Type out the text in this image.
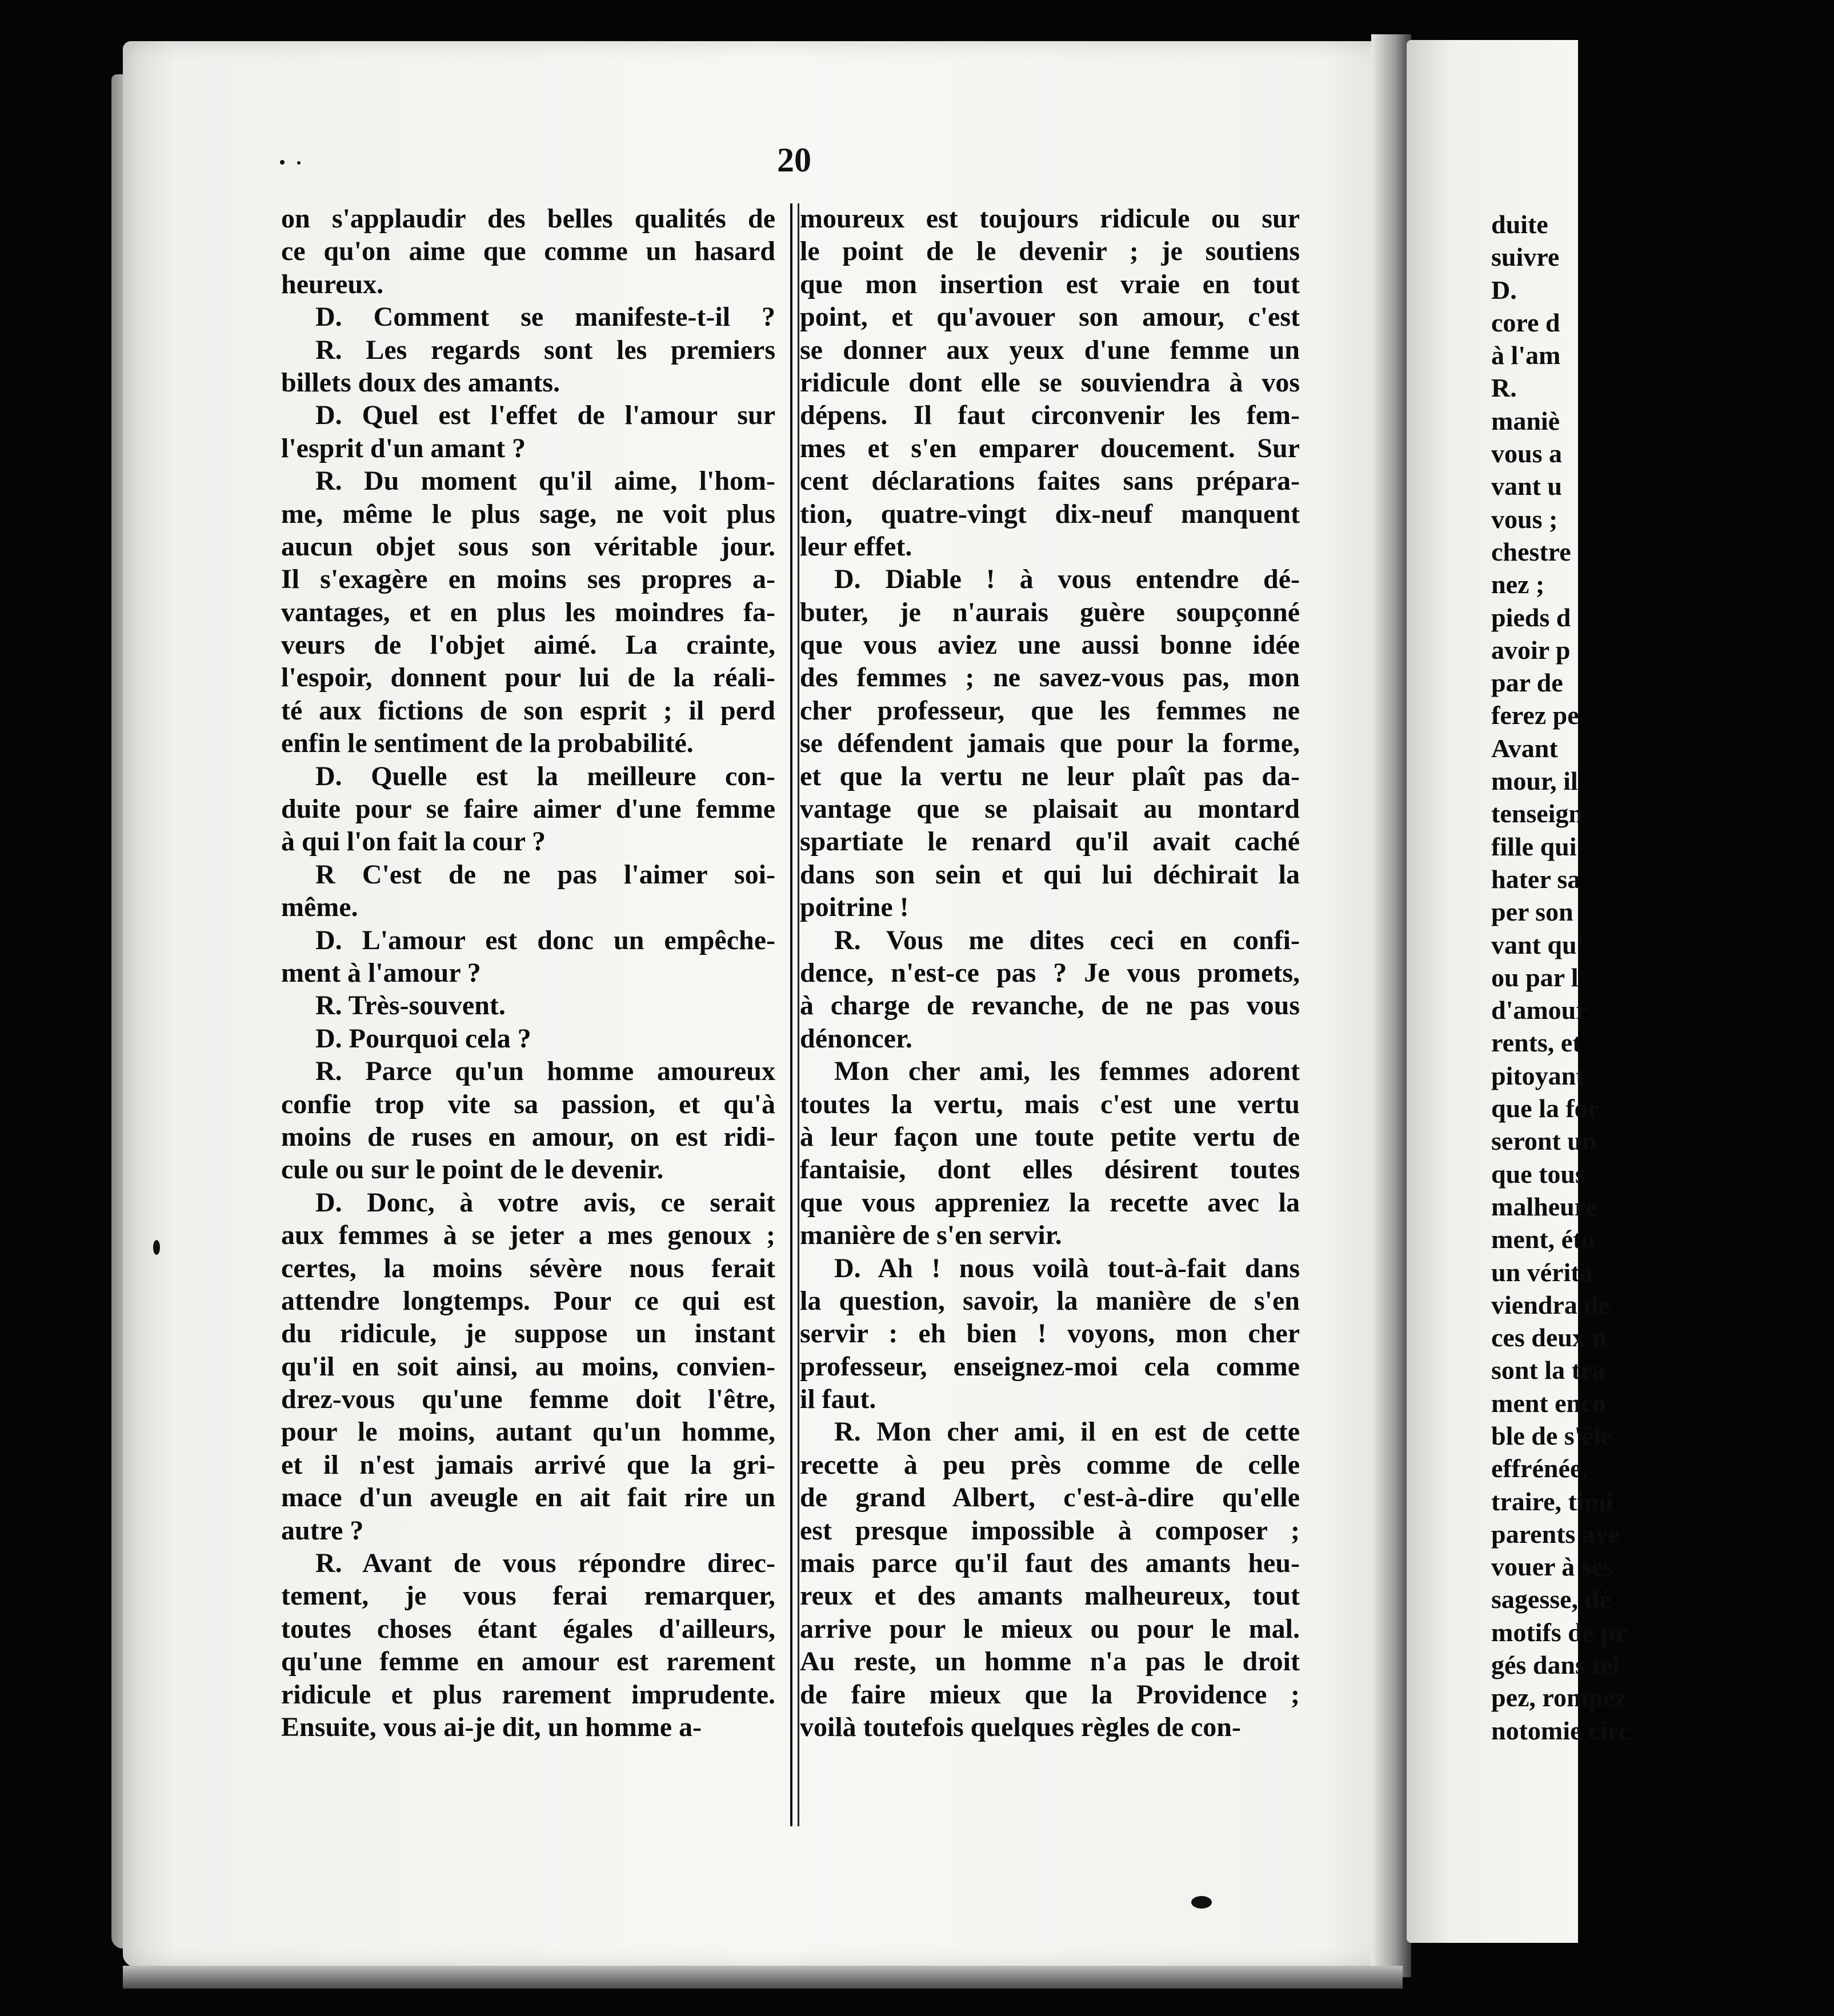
20
on s'applaudir des belles qualités de
ce qu'on aime que comme un hasard
heureux.
D. Comment se manifeste-t-il ?
R. Les regards sont les premiers
billets doux des amants.
D. Quel est l'effet de l'amour sur
l'esprit d'un amant ?
R. Du moment qu'il aime, l'hom-
me, même le plus sage, ne voit plus
aucun objet sous son véritable jour.
Il s'exagère en moins ses propres a-
vantages, et en plus les moindres fa-
veurs de l'objet aimé. La crainte,
l'espoir, donnent pour lui de la réali-
té aux fictions de son esprit ; il perd
enfin le sentiment de la probabilité.
D. Quelle est la meilleure con-
duite pour se faire aimer d'une femme
à qui l'on fait la cour ?
R C'est de ne pas l'aimer soi-
même.
D. L'amour est donc un empêche-
ment à l'amour ?
R. Très-souvent.
D. Pourquoi cela ?
R. Parce qu'un homme amoureux
confie trop vite sa passion, et qu'à
moins de ruses en amour, on est ridi-
cule ou sur le point de le devenir.
D. Donc, à votre avis, ce serait
aux femmes à se jeter a mes genoux ;
certes, la moins sévère nous ferait
attendre longtemps. Pour ce qui est
du ridicule, je suppose un instant
qu'il en soit ainsi, au moins, convien-
drez-vous qu'une femme doit l'être,
pour le moins, autant qu'un homme,
et il n'est jamais arrivé que la gri-
mace d'un aveugle en ait fait rire un
autre ?
R. Avant de vous répondre direc-
tement, je vous ferai remarquer,
toutes choses étant égales d'ailleurs,
qu'une femme en amour est rarement
ridicule et plus rarement imprudente.
Ensuite, vous ai-je dit, un homme a-
moureux est toujours ridicule ou sur
le point de le devenir ; je soutiens
que mon insertion est vraie en tout
point, et qu'avouer son amour, c'est
se donner aux yeux d'une femme un
ridicule dont elle se souviendra à vos
dépens. Il faut circonvenir les fem-
mes et s'en emparer doucement. Sur
cent déclarations faites sans prépara-
tion, quatre-vingt dix-neuf manquent
leur effet.
D. Diable ! à vous entendre dé-
buter, je n'aurais guère soupçonné
que vous aviez une aussi bonne idée
des femmes ; ne savez-vous pas, mon
cher professeur, que les femmes ne
se défendent jamais que pour la forme,
et que la vertu ne leur plaît pas da-
vantage que se plaisait au montard
spartiate le renard qu'il avait caché
dans son sein et qui lui déchirait la
poitrine !
R. Vous me dites ceci en confi-
dence, n'est-ce pas ? Je vous promets,
à charge de revanche, de ne pas vous
dénoncer.
Mon cher ami, les femmes adorent
toutes la vertu, mais c'est une vertu
à leur façon une toute petite vertu de
fantaisie, dont elles désirent toutes
que vous appreniez la recette avec la
manière de s'en servir.
D. Ah ! nous voilà tout-à-fait dans
la question, savoir, la manière de s'en
servir : eh bien ! voyons, mon cher
professeur, enseignez-moi cela comme
il faut.
R. Mon cher ami, il en est de cette
recette à peu près comme de celle
de grand Albert, c'est-à-dire qu'elle
est presque impossible à composer ;
mais parce qu'il faut des amants heu-
reux et des amants malheureux, tout
arrive pour le mieux ou pour le mal.
Au reste, un homme n'a pas le droit
de faire mieux que la Providence ;
voilà toutefois quelques règles de con-
duite
suivre
D.
core d
à l'am
R.
maniè
vous a
vant u
vous ;
chestre
nez ;
pieds d
avoir p
par de
ferez pe
Avant
mour, il
tenseign
fille qui
hater sa
per son
vant qu'
ou par l
d'amour
rents, et
pitoyant
que la for
seront un
que tous
malheure
ment, éto
un vérita
viendra de
ces deux n
sont la tra
ment enco
ble de s'éle
effrénée.
traire, timi
parents ave
vouer à ses
sagesse, dé
motifs de pr
gés dans tel
pez, rompez
notomie circ
